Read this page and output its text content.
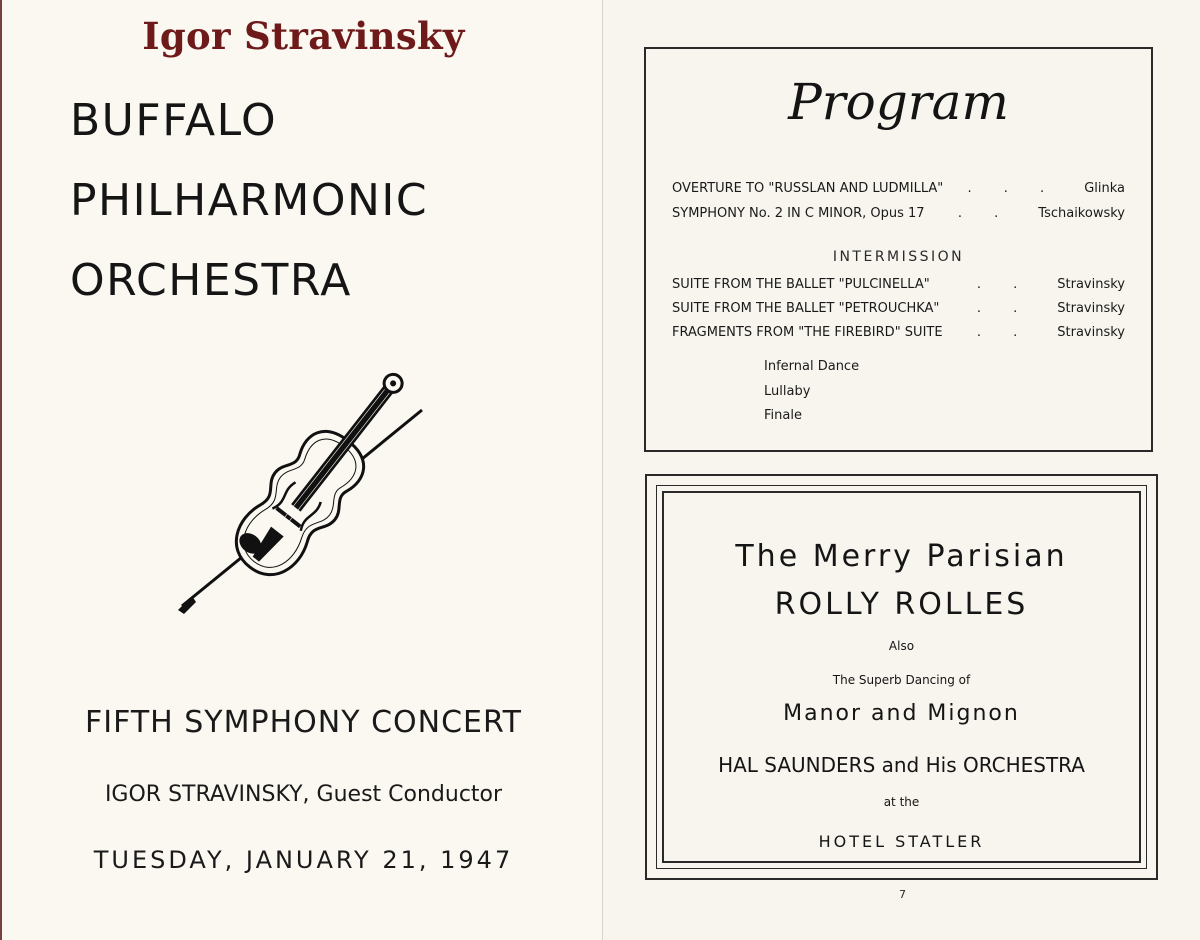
Igor Stravinsky
BUFFALO
PHILHARMONIC
ORCHESTRA
FIFTH SYMPHONY CONCERT
IGOR STRAVINSKY, Guest Conductor
TUESDAY, JANUARY 21, 1947
Program
OVERTURE TO "RUSSLAN AND LUDMILLA" . . . Glinka
SYMPHONY No. 2 IN C MINOR, Opus 17	. . Tschaikowsky
INTERMISSION
SUITE FROM THE BALLET "PULCINELLA"	. . Stravinsky
SUITE FROM THE BALLET "PETROUCHKA"	. . Stravinsky
FRAGMENTS FROM "THE FIREBIRD" SUITE	. . Stravinsky
Infernal Dance
Lullaby
Finale
The Merry Parisian
ROLLY ROLLES
Also
The Superb Dancing of
Manor and Mignon
HAL SAUNDERS and His ORCHESTRA
at the
HOTEL STATLER
7
